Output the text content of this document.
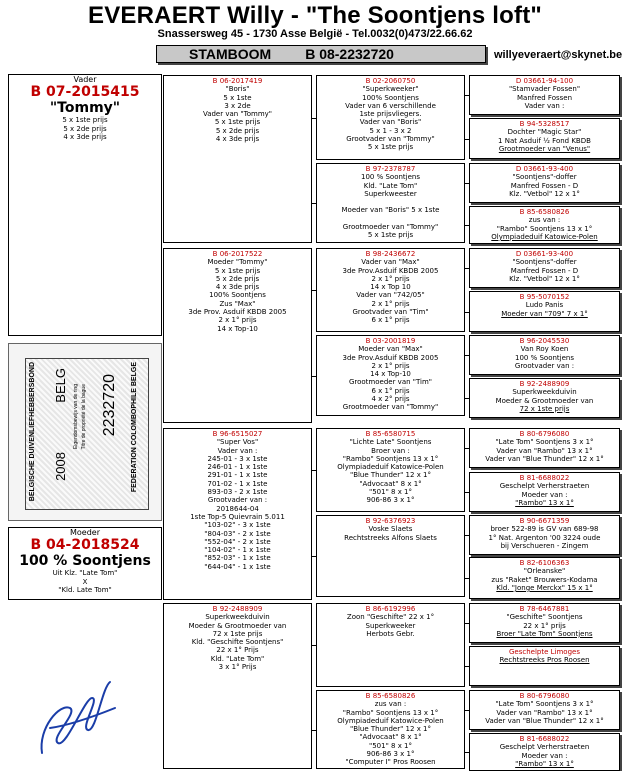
EVERAERT Willy - "The Soontjens loft"
Snassersweg 45 - 1730 Asse België - Tel.0032(0)473/22.66.62
STAMBOOM B 08-2232720	willyeveraert@skynet.be
Vader
B 07-2015415
"Tommy"
5 x 1ste prijs
5 x 2de prijs
4 x 3de prijs
BELGISCHE DUIVENLIEFHEBBERSBOND	FEDERATION COLOMBOPHILE BELGE
Eigendomsbewijs van de ring Titre de propriété de la bague
BELG
2008
2232720
Moeder
B 04-2018524
100 % Soontjens
Uit Klz. "Late Tom"
X
"Kld. Late Tom"
B 06-2017419
"Boris"
5 x 1ste
3 x 2de
Vader van "Tommy"
5 x 1ste prijs
5 x 2de prijs
4 x 3de prijs
B 06-2017522
Moeder "Tommy"
5 x 1ste prijs
5 x 2de prijs
4 x 3de prijs
100% Soontjens
Zus "Max"
3de Prov. Asduif KBDB 2005
2 x 1° prijs
14 x Top-10
B 96-6515027
"Super Vos"
Vader van :
245-01 - 3 x 1ste
246-01 - 1 x 1ste
291-01 - 1 x 1ste
701-02 - 1 x 1ste
893-03 - 2 x 1ste
Grootvader van :
2018644-04
1ste Top-5 Quievrain 5.011
"103-02" - 3 x 1ste
"804-03" - 2 x 1ste
"552-04" - 2 x 1ste
"104-02" - 1 x 1ste
"852-03" - 1 x 1ste
"644-04" - 1 x 1ste
B 92-2488909
Superkweekduivin
Moeder & Grootmoeder van
72 x 1ste prijs
Kld. "Geschifte Soontjens"
22 x 1° Prijs
Kld. "Late Tom"
3 x 1° Prijs
B 02-2060750
"Superkweeker"
100% Soontjens
Vader van 6 verschillende
1ste prijsvliegers.
Vader van "Boris"
5 x 1 - 3 x 2
Grootvader van "Tommy"
5 x 1ste prijs
B 97-2378787
100 % Soontjens
Kld. "Late Tom"
Superkweester

Moeder van "Boris" 5 x 1ste

Grootmoeder van "Tommy"
5 x 1ste prijs
B 98-2436672
Vader van "Max"
3de Prov.Asduif KBDB 2005
2 x 1° prijs
14 x Top 10
Vader van "742/05"
2 x 1° prijs
Grootvader van "Tim"
6 x 1° prijs
B 03-2001819
Moeder van "Max"
3de Prov.Asduif KBDB 2005
2 x 1° prijs
14 x Top-10
Grootmoeder van "Tim"
6 x 1° prijs
4 x 2° prijs
Grootmoeder van "Tommy"
B 85-6580715
"Lichte Late" Soontjens
Broer van :
"Rambo" Soontjens 13 x 1°
Olympiadeduif Katowice-Polen
"Blue Thunder" 12 x 1°
"Advocaat" 8 x 1°
"501" 8 x 1°
906-86 3 x 1°
B 92-6376923
Voske Slaets
Rechtstreeks Alfons Slaets
B 86-6192996
Zoon "Geschifte" 22 x 1°
Superkweeker
Herbots Gebr.
B 85-6580826
zus van :
"Rambo" Soontjens 13 x 1°
Olympiadeduif Katowice-Polen
"Blue Thunder" 12 x 1°
"Advocaat" 8 x 1°
"501" 8 x 1°
906-86 3 x 1°
"Computer I" Pros Roosen
D 03661-94-100
"Stamvader Fossen"
Manfred Fossen
Vader van :
B 94-5328517
Dochter "Magic Star"
1 Nat Asduif ½ Fond KBDB
Grootmoeder van "Venus"
D 03661-93-400
"Soontjens"-doffer
Manfred Fossen - D
Klz. "Vetbol" 12 x 1°
B 85-6580826
zus van :
"Rambo" Soontjens 13 x 1°
Olympiadeduif Katowice-Polen
D 03661-93-400
"Soontjens"-doffer
Manfred Fossen - D
Klz. "Vetbol" 12 x 1°
B 95-5070152
Ludo Panis
Moeder van "709" 7 x 1°
B 96-2045530
Van Roy Koen
100 % Soontjens
Grootvader van :
B 92-2488909
Superkweekduivin
Moeder & Grootmoeder van
72 x 1ste prijs
B 80-6796080
"Late Tom" Soontjens 3 x 1°
Vader van "Rambo" 13 x 1°
Vader van "Blue Thunder" 12 x 1°
B 81-6688022
Geschelpt Verherstraeten
Moeder van :
"Rambo" 13 x 1°
B 90-6671359
broer 522-89 is GV van 689-98
1° Nat. Argenton '00 3224 oude
bij Verschueren - Zingem
B 82-6106363
"Orleanske"
zus "Raket" Brouwers-Kodama
Kld. "Jonge Merckx" 15 x 1°
B 78-6467881
"Geschifte" Soontjens
22 x 1° prijs
Broer "Late Tom" Soontjens
Geschelpte Limoges
Rechtstreeks Pros Roosen
B 80-6796080
"Late Tom" Soontjens 3 x 1°
Vader van "Rambo" 13 x 1°
Vader van "Blue Thunder" 12 x 1°
B 81-6688022
Geschelpt Verherstraeten
Moeder van :
"Rambo" 13 x 1°
